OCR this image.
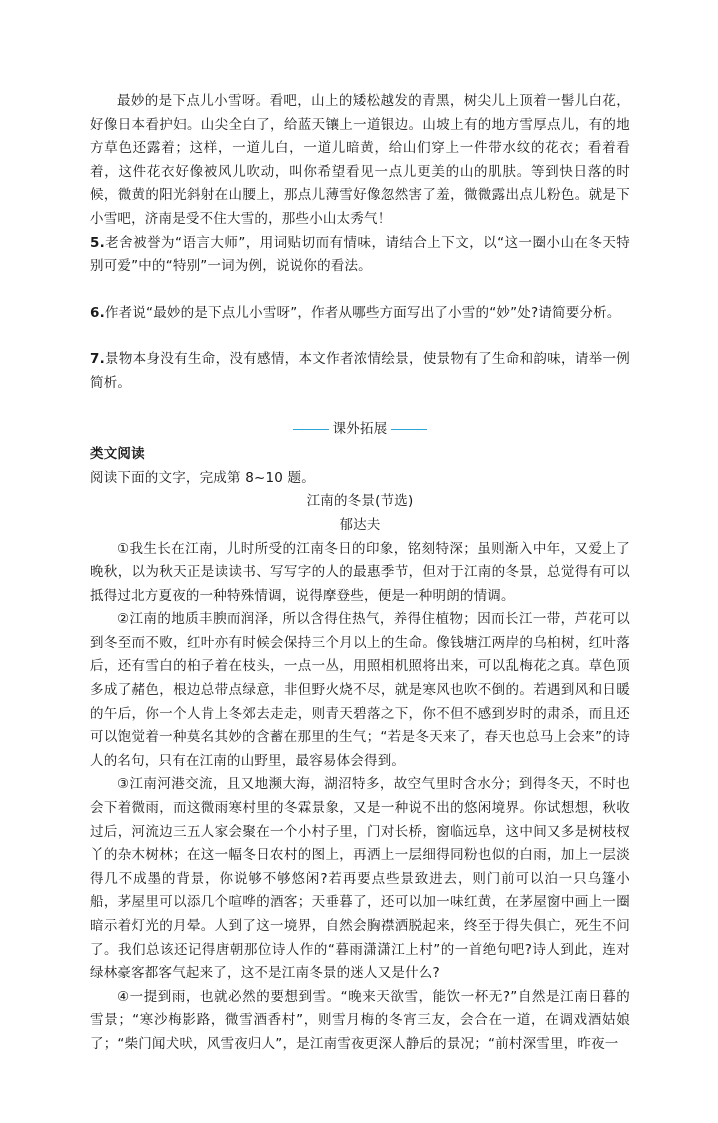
最妙的是下点儿小雪呀。看吧，山上的矮松越发的青黑，树尖儿上顶着一髻儿白花，好像日本看护妇。山尖全白了，给蓝天镶上一道银边。山坡上有的地方雪厚点儿，有的地方草色还露着；这样，一道儿白，一道儿暗黄，给山们穿上一件带水纹的花衣；看着看着，这件花衣好像被风儿吹动，叫你希望看见一点儿更美的山的肌肤。等到快日落的时候，微黄的阳光斜射在山腰上，那点儿薄雪好像忽然害了羞，微微露出点儿粉色。就是下小雪吧，济南是受不住大雪的，那些小山太秀气！

5.老舍被誉为“语言大师”，用词贴切而有情味，请结合上下文，以“这一圈小山在冬天特别可爱”中的“特别”一词为例，说说你的看法。

6.作者说“最妙的是下点儿小雪呀”，作者从哪些方面写出了小雪的“妙”处?请简要分析。

7.景物本身没有生命，没有感情，本文作者浓情绘景，使景物有了生命和韵味，请举一例简析。

课外拓展

类文阅读

阅读下面的文字，完成第 8~10 题。

江南的冬景(节选)

郁达夫

①我生长在江南，儿时所受的江南冬日的印象，铭刻特深；虽则渐入中年，又爱上了晚秋，以为秋天正是读读书、写写字的人的最惠季节，但对于江南的冬景，总觉得有可以抵得过北方夏夜的一种特殊情调，说得摩登些，便是一种明朗的情调。

②江南的地质丰腴而润泽，所以含得住热气，养得住植物；因而长江一带，芦花可以到冬至而不败，红叶亦有时候会保持三个月以上的生命。像钱塘江两岸的乌桕树，红叶落后，还有雪白的桕子着在枝头，一点一丛，用照相机照将出来，可以乱梅花之真。草色顶多成了赭色，根边总带点绿意，非但野火烧不尽，就是寒风也吹不倒的。若遇到风和日暖的午后，你一个人肯上冬郊去走走，则青天碧落之下，你不但不感到岁时的肃杀，而且还可以饱觉着一种莫名其妙的含蓄在那里的生气；“若是冬天来了，春天也总马上会来”的诗人的名句，只有在江南的山野里，最容易体会得到。

③江南河港交流，且又地濒大海，湖沼特多，故空气里时含水分；到得冬天，不时也会下着微雨，而这微雨寒村里的冬霖景象，又是一种说不出的悠闲境界。你试想想，秋收过后，河流边三五人家会聚在一个小村子里，门对长桥，窗临远阜，这中间又多是树枝杈丫的杂木树林；在这一幅冬日农村的图上，再洒上一层细得同粉也似的白雨，加上一层淡得几不成墨的背景，你说够不够悠闲?若再要点些景致进去，则门前可以泊一只乌篷小船，茅屋里可以添几个喧哗的酒客；天垂暮了，还可以加一味红黄，在茅屋窗中画上一圈暗示着灯光的月晕。人到了这一境界，自然会胸襟洒脱起来，终至于得失俱亡，死生不问了。我们总该还记得唐朝那位诗人作的“暮雨潇潇江上村”的一首绝句吧?诗人到此，连对绿林豪客都客气起来了，这不是江南冬景的迷人又是什么?

④一提到雨，也就必然的要想到雪。“晚来天欲雪，能饮一杯无?”自然是江南日暮的雪景；“寒沙梅影路，微雪酒香村”，则雪月梅的冬宵三友，会合在一道，在调戏酒姑娘了；“柴门闻犬吠，风雪夜归人”，是江南雪夜更深人静后的景况；“前村深雪里，昨夜一
